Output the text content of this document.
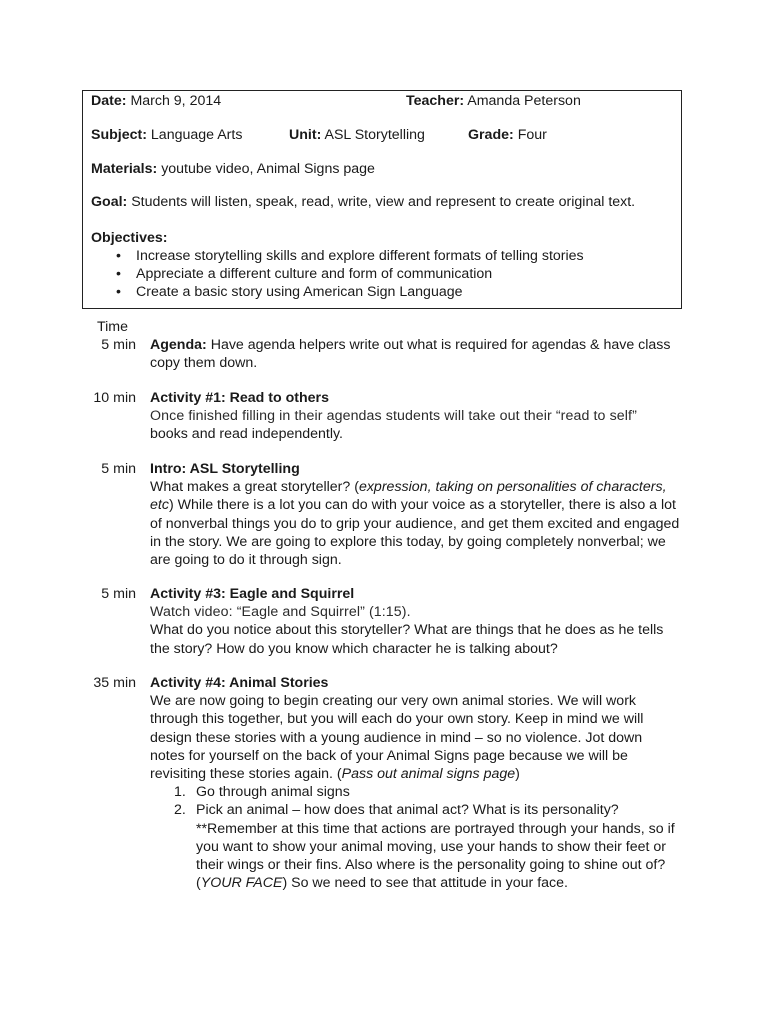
Date: March 9, 2014	Teacher: Amanda Peterson
Subject: Language Arts	Unit: ASL Storytelling	Grade: Four
Materials: youtube video, Animal Signs page
Goal: Students will listen, speak, read, write, view and represent to create original text.
Objectives:
• Increase storytelling skills and explore different formats of telling stories
• Appreciate a different culture and form of communication
• Create a basic story using American Sign Language
Time
5 min Agenda: Have agenda helpers write out what is required for agendas & have class copy them down.

10 min Activity #1: Read to others

Once finished filling in their agendas students will take out their “read to self”

books and read independently.

5 min Intro: ASL Storytelling

What makes a great storyteller? (expression, taking on personalities of characters, etc) While there is a lot you can do with your voice as a storyteller, there is also a lot of nonverbal things you do to grip your audience, and get them excited and engaged in the story. We are going to explore this today, by going completely nonverbal; we are going to do it through sign.

5 min Activity #3: Eagle and Squirrel

Watch video: “Eagle and Squirrel” (1:15).

What do you notice about this storyteller? What are things that he does as he tells the story? How do you know which character he is talking about?

35 min Activity #4: Animal Stories

We are now going to begin creating our very own animal stories. We will work through this together, but you will each do your own story. Keep in mind we will design these stories with a young audience in mind – so no violence. Jot down notes for yourself on the back of your Animal Signs page because we will be revisiting these stories again. (Pass out animal signs page)

1. Go through animal signs
2. Pick an animal – how does that animal act? What is its personality? **Remember at this time that actions are portrayed through your hands, so if you want to show your animal moving, use your hands to show their feet or their wings or their fins. Also where is the personality going to shine out of? (YOUR FACE) So we need to see that attitude in your face.
